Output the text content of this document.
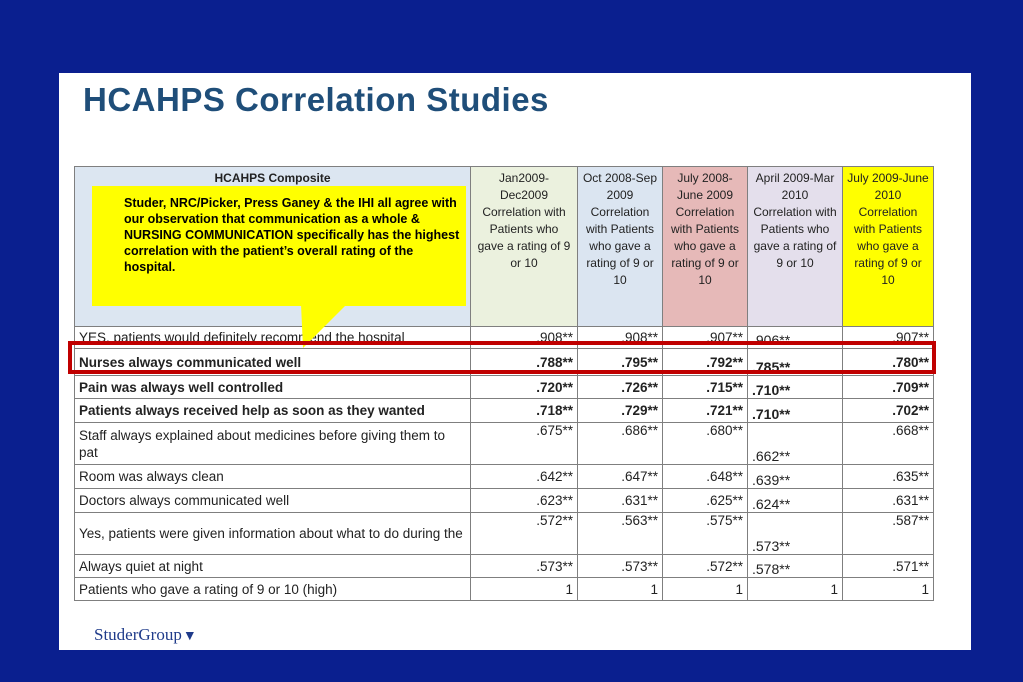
HCAHPS Correlation Studies
HCAHPS Composite	Jan2009-Dec2009 Correlation with Patients who gave a rating of 9 or 10	Oct 2008-Sep 2009 Correlation with Patients who gave a rating of 9 or 10	July 2008-June 2009 Correlation with Patients who gave a rating of 9 or 10	April 2009-Mar 2010 Correlation with Patients who gave a rating of 9 or 10	July 2009-June 2010 Correlation with Patients who gave a rating of 9 or 10
YES, patients would definitely recommend the hospital	.908**	.908**	.907**	.906**	.907**
Nurses always communicated well	.788**	.795**	.792**	.785**	.780**
Pain was always well controlled	.720**	.726**	.715**	.710**	.709**
Patients always received help as soon as they wanted	.718**	.729**	.721**	.710**	.702**
Staff always explained about medicines before giving them to pat	.675**	.686**	.680**	.662**	.668**
Room was always clean	.642**	.647**	.648**	.639**	.635**
Doctors always communicated well	.623**	.631**	.625**	.624**	.631**
Yes, patients were given information about what to do during the	.572**	.563**	.575**	.573**	.587**
Always quiet at night	.573**	.573**	.572**	.578**	.571**
Patients who gave a rating of 9 or 10 (high)	1	1	1	1	1
Studer, NRC/Picker, Press Ganey & the IHI all agree with our observation that communication as a whole & NURSING COMMUNICATION specifically has the highest correlation with the patient’s overall rating of the hospital.
StuderGroup▼
